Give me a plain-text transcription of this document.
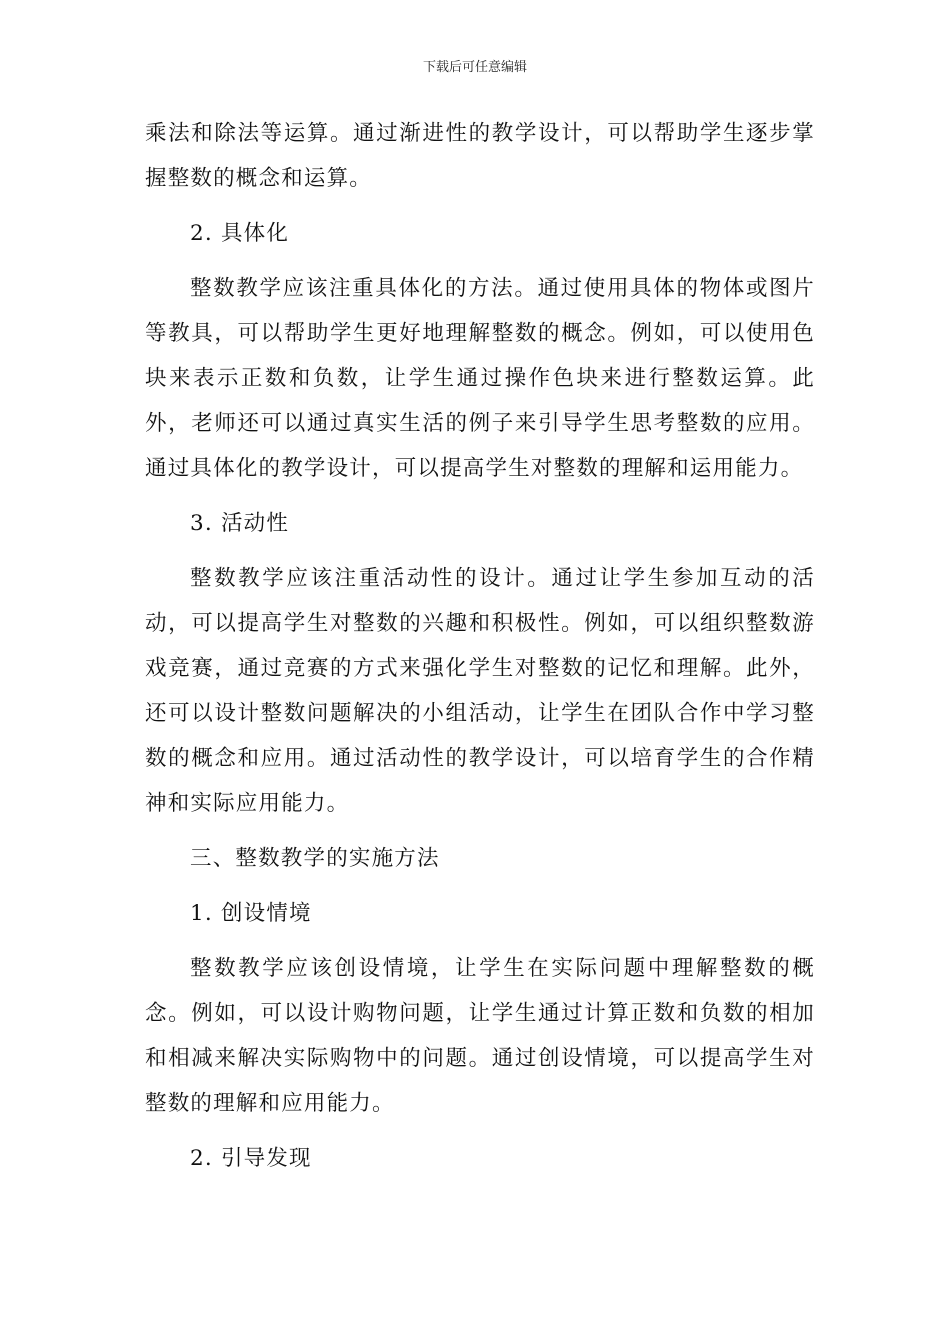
下载后可任意编辑

乘法和除法等运算。通过渐进性的教学设计，可以帮助学生逐步掌握整数的概念和运算。

2. 具体化

整数教学应该注重具体化的方法。通过使用具体的物体或图片等教具，可以帮助学生更好地理解整数的概念。例如，可以使用色块来表示正数和负数，让学生通过操作色块来进行整数运算。此外，老师还可以通过真实生活的例子来引导学生思考整数的应用。通过具体化的教学设计，可以提高学生对整数的理解和运用能力。

3. 活动性

整数教学应该注重活动性的设计。通过让学生参加互动的活动，可以提高学生对整数的兴趣和积极性。例如，可以组织整数游戏竞赛，通过竞赛的方式来强化学生对整数的记忆和理解。此外，还可以设计整数问题解决的小组活动，让学生在团队合作中学习整数的概念和应用。通过活动性的教学设计，可以培育学生的合作精神和实际应用能力。

三、整数教学的实施方法

1. 创设情境

整数教学应该创设情境，让学生在实际问题中理解整数的概念。例如，可以设计购物问题，让学生通过计算正数和负数的相加和相减来解决实际购物中的问题。通过创设情境，可以提高学生对整数的理解和应用能力。

2. 引导发现
